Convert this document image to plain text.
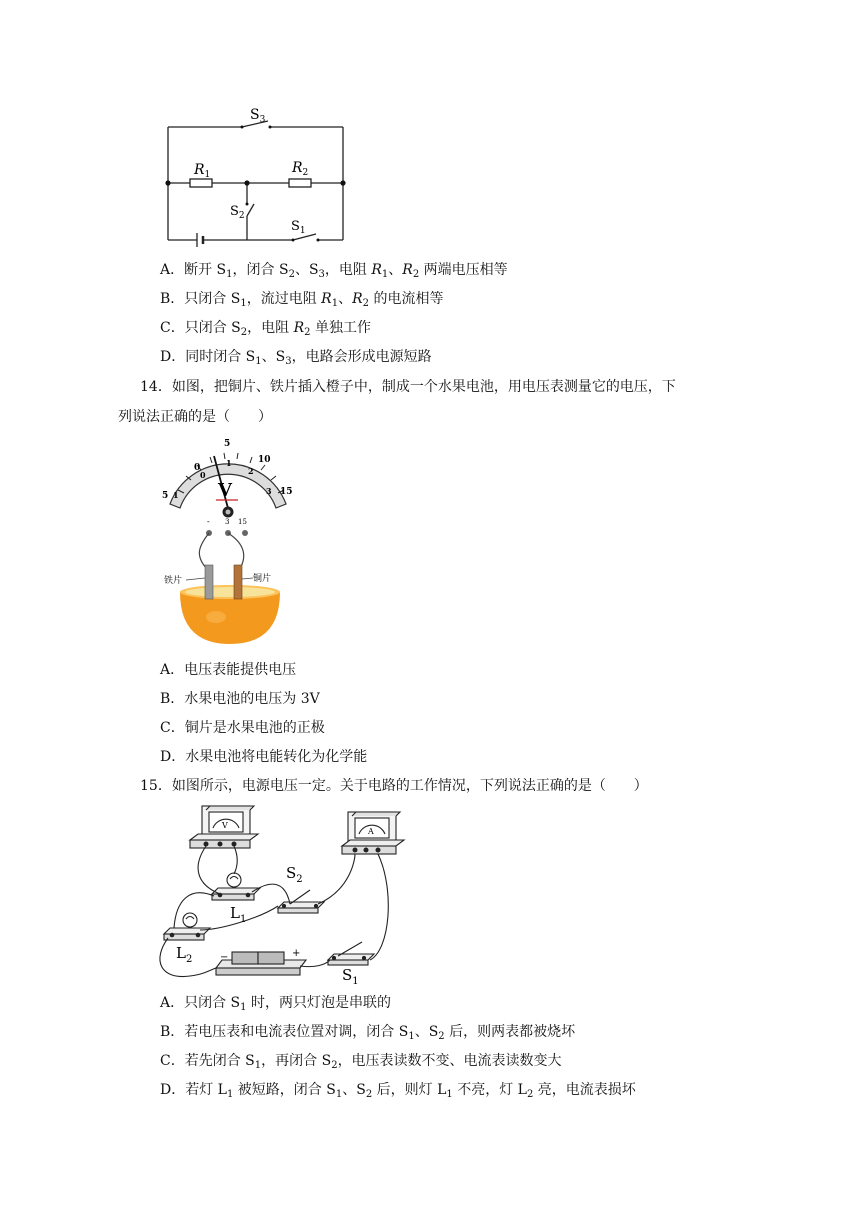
$S_3$
$R_1$	$R_2$
$S_2$
$S_1$
A．断开 $S_1$，闭合 $S_2$、$S_3$，电阻 $R_1$、$R_2$ 两端电压相等
B．只闭合 $S_1$，流过电阻 $R_1$、$R_2$ 的电流相等
C．只闭合 $S_2$，电阻 $R_2$ 单独工作
D．同时闭合 $S_1$、$S_3$，电路会形成电源短路
14．如图，把铜片、铁片插入橙子中，制成一个水果电池，用电压表测量它的电压，下
列说法正确的是（　　）
5
0
5
10
15
1
0
1
2
3
V
- 3 15
铁片	铜片
A．电压表能提供电压
B．水果电池的电压为 3V
C．铜片是水果电池的正极
D．水果电池将电能转化为化学能
15．如图所示，电源电压一定。关于电路的工作情况，下列说法正确的是（　　）
V
A
−	+
$L_1$
$L_2$
$S_2$
$S_1$
A．只闭合 $S_1$ 时，两只灯泡是串联的
B．若电压表和电流表位置对调，闭合 $S_1$、$S_2$ 后，则两表都被烧坏
C．若先闭合 $S_1$，再闭合 $S_2$，电压表读数不变、电流表读数变大
D．若灯 $L_1$ 被短路，闭合 $S_1$、$S_2$ 后，则灯 $L_1$ 不亮，灯 $L_2$ 亮，电流表损坏
